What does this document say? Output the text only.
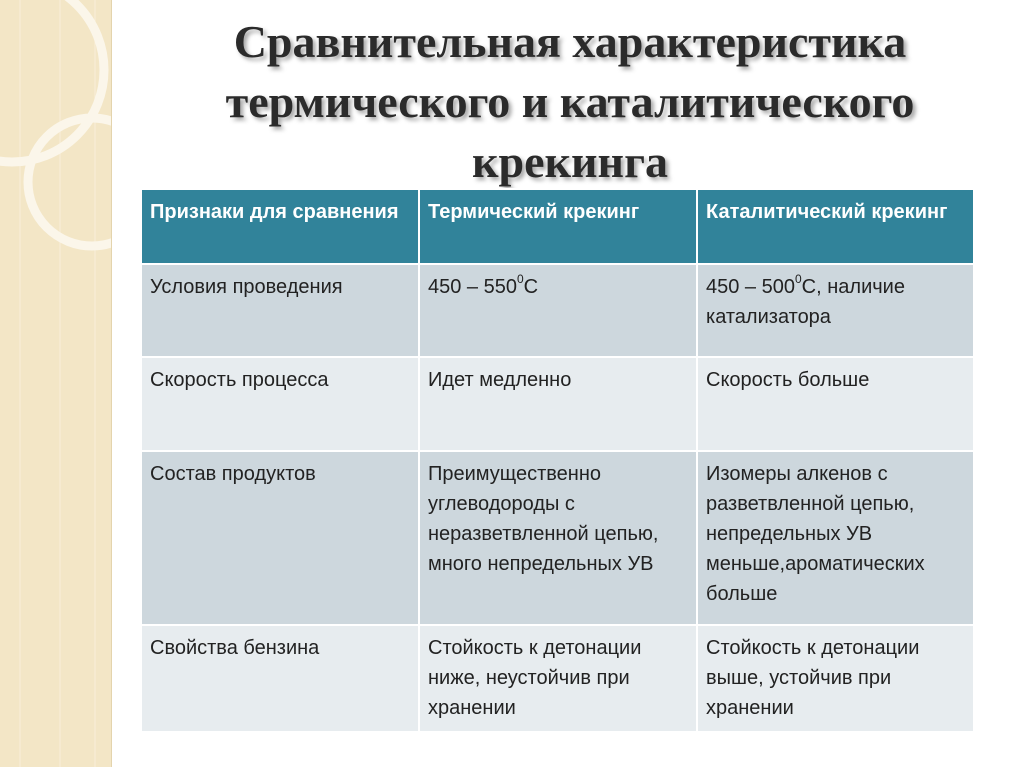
Сравнительная характеристика термического и каталитического крекинга
Признаки для сравнения	Термический крекинг	Каталитический крекинг
Условия проведения	$450 - 550^0C$	$450 - 500^0C$, наличие катализатора
Скорость процесса	Идет медленно	Скорость больше
Состав продуктов	Преимущественно углеводороды с неразветвленной цепью, много непредельных УВ	Изомеры алкенов с разветвленной цепью, непредельных УВ меньше,ароматических больше
Свойства бензина	Стойкость к детонации ниже, неустойчив при хранении	Стойкость к детонации выше, устойчив при хранении
